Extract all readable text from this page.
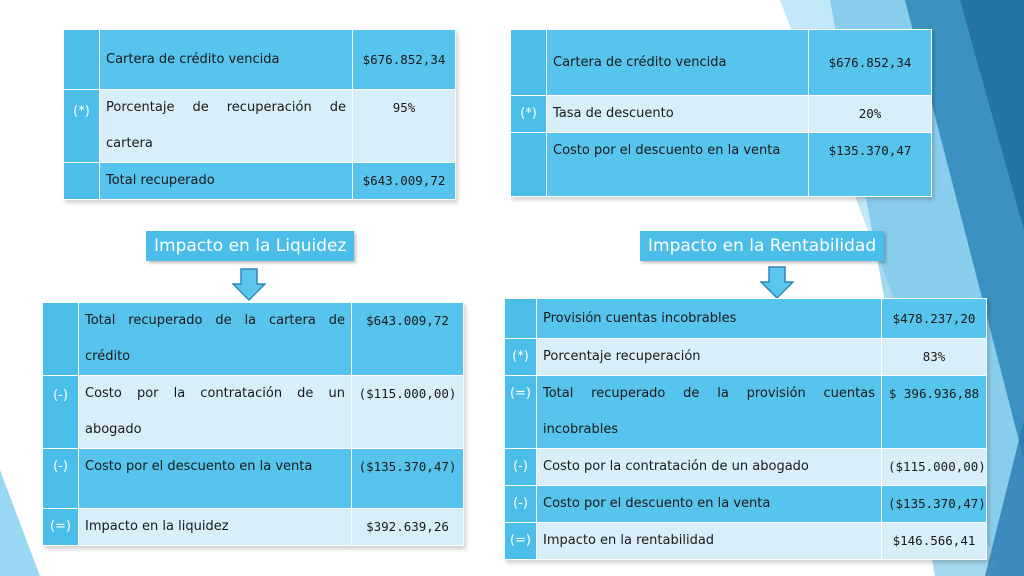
	Cartera de crédito vencida	$676.852,34
(*)	Porcentaje de recuperación de cartera	95%
	Total recuperado	$643.009,72
	Cartera de crédito vencida	$676.852,34
(*)	Tasa de descuento	20%
	Costo por el descuento en la venta	$135.370,47
Impacto en la Liquidez	Impacto en la Rentabilidad
	Total recuperado de la cartera de crédito	$643.009,72
(-)	Costo por la contratación de un abogado	($115.000,00)
(-)	Costo por el descuento en la venta	($135.370,47)
(=)	Impacto en la liquidez	$392.639,26
	Provisión cuentas incobrables	$478.237,20
(*)	Porcentaje recuperación	83%
(=)	Total recuperado de la provisión cuentas incobrables	$ 396.936,88
(-)	Costo por la contratación de un abogado	($115.000,00)
(-)	Costo por el descuento en la venta	($135.370,47)
(=)	Impacto en la rentabilidad	$146.566,41
